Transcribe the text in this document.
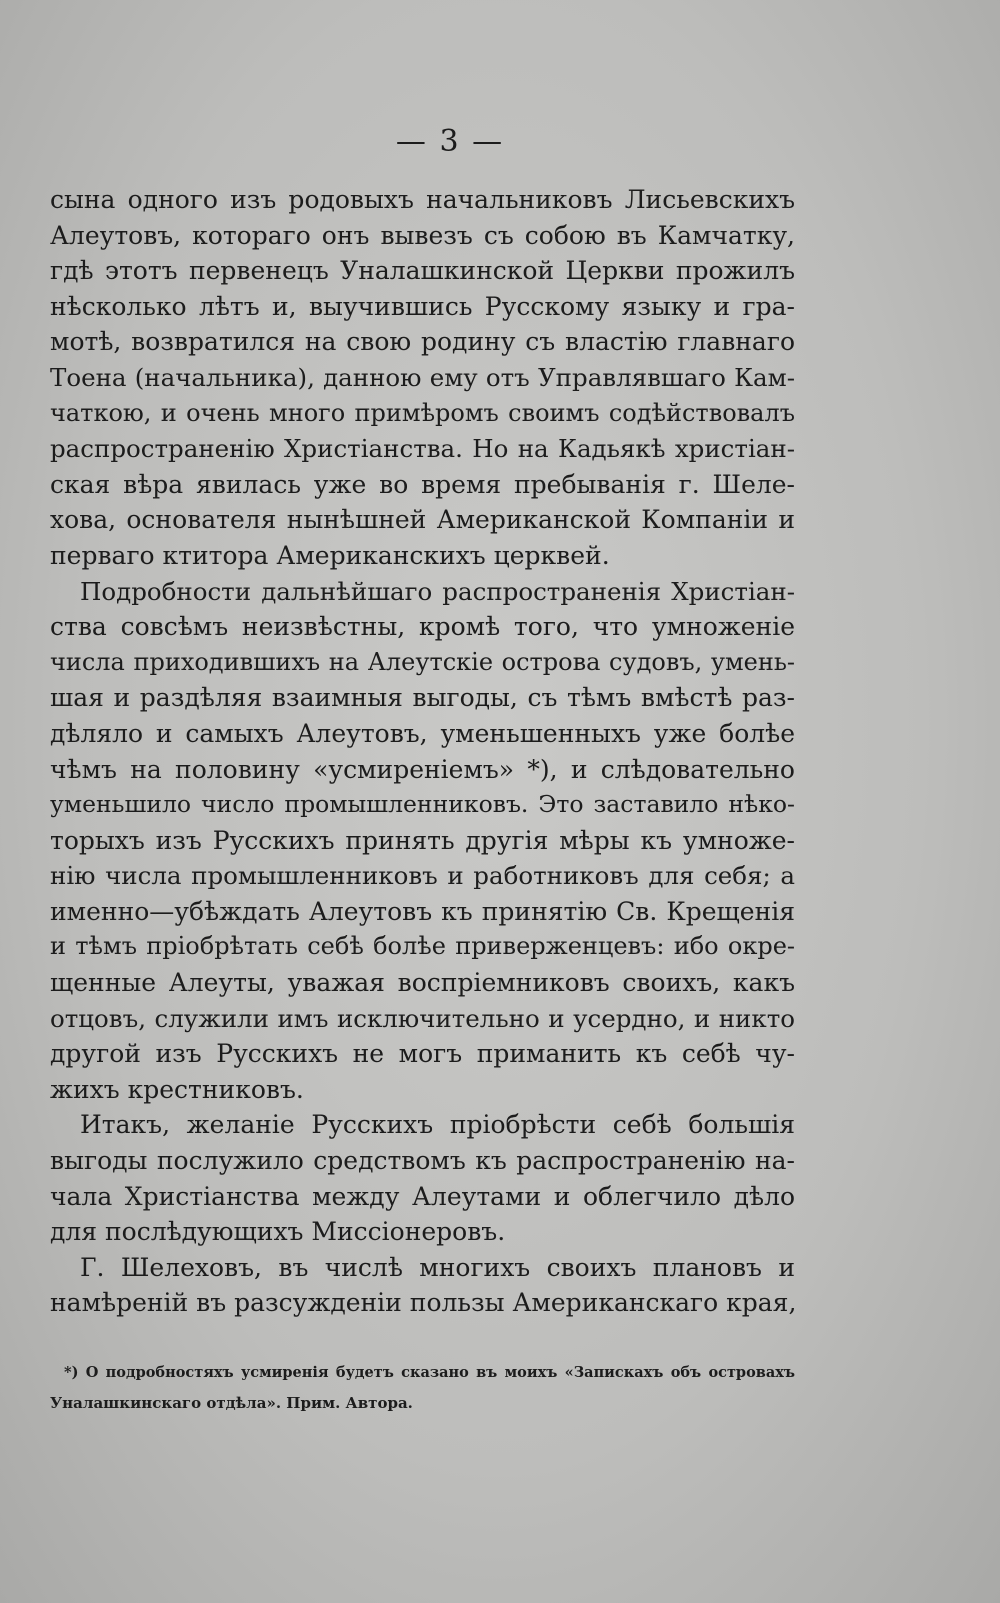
— 3 —
сына одного изъ родовыхъ начальниковъ Лисьевскихъ
Алеутовъ, котораго онъ вывезъ съ собою въ Камчатку,
гдѣ этотъ первенецъ Уналашкинской Церкви прожилъ
нѣсколько лѣтъ и, выучившись Русскому языку и гра-
мотѣ, возвратился на свою родину съ властію главнаго
Тоена (начальника), данною ему отъ Управлявшаго Кам-
чаткою, и очень много примѣромъ своимъ содѣйствовалъ
распространенію Христіанства. Но на Кадьякѣ христіан-
ская вѣра явилась уже во время пребыванія г. Шеле-
хова, основателя нынѣшней Американской Компаніи и
перваго ктитора Американскихъ церквей.
Подробности дальнѣйшаго распространенія Христіан-
ства совсѣмъ неизвѣстны, кромѣ того, что умноженіе
числа приходившихъ на Алеутскіе острова судовъ, умень-
шая и раздѣляя взаимныя выгоды, съ тѣмъ вмѣстѣ раз-
дѣляло и самыхъ Алеутовъ, уменьшенныхъ уже болѣе
чѣмъ на половину «усмиреніемъ» *), и слѣдовательно
уменьшило число промышленниковъ. Это заставило нѣко-
торыхъ изъ Русскихъ принять другія мѣры къ умноже-
нію числа промышленниковъ и работниковъ для себя; а
именно—убѣждать Алеутовъ къ принятію Св. Крещенія
и тѣмъ пріобрѣтать себѣ болѣе приверженцевъ: ибо окре-
щенные Алеуты, уважая воспріемниковъ своихъ, какъ
отцовъ, служили имъ исключительно и усердно, и никто
другой изъ Русскихъ не могъ приманить къ себѣ чу-
жихъ крестниковъ.
Итакъ, желаніе Русскихъ пріобрѣсти себѣ большія
выгоды послужило средствомъ къ распространенію на-
чала Христіанства между Алеутами и облегчило дѣло
для послѣдующихъ Миссіонеровъ.
Г. Шелеховъ, въ числѣ многихъ своихъ плановъ и
намѣреній въ разсужденіи пользы Американскаго края,
*) О подробностяхъ усмиренія будетъ сказано въ моихъ «Запискахъ объ островахъ
Уналашкинскаго отдѣла». Прим. Автора.
